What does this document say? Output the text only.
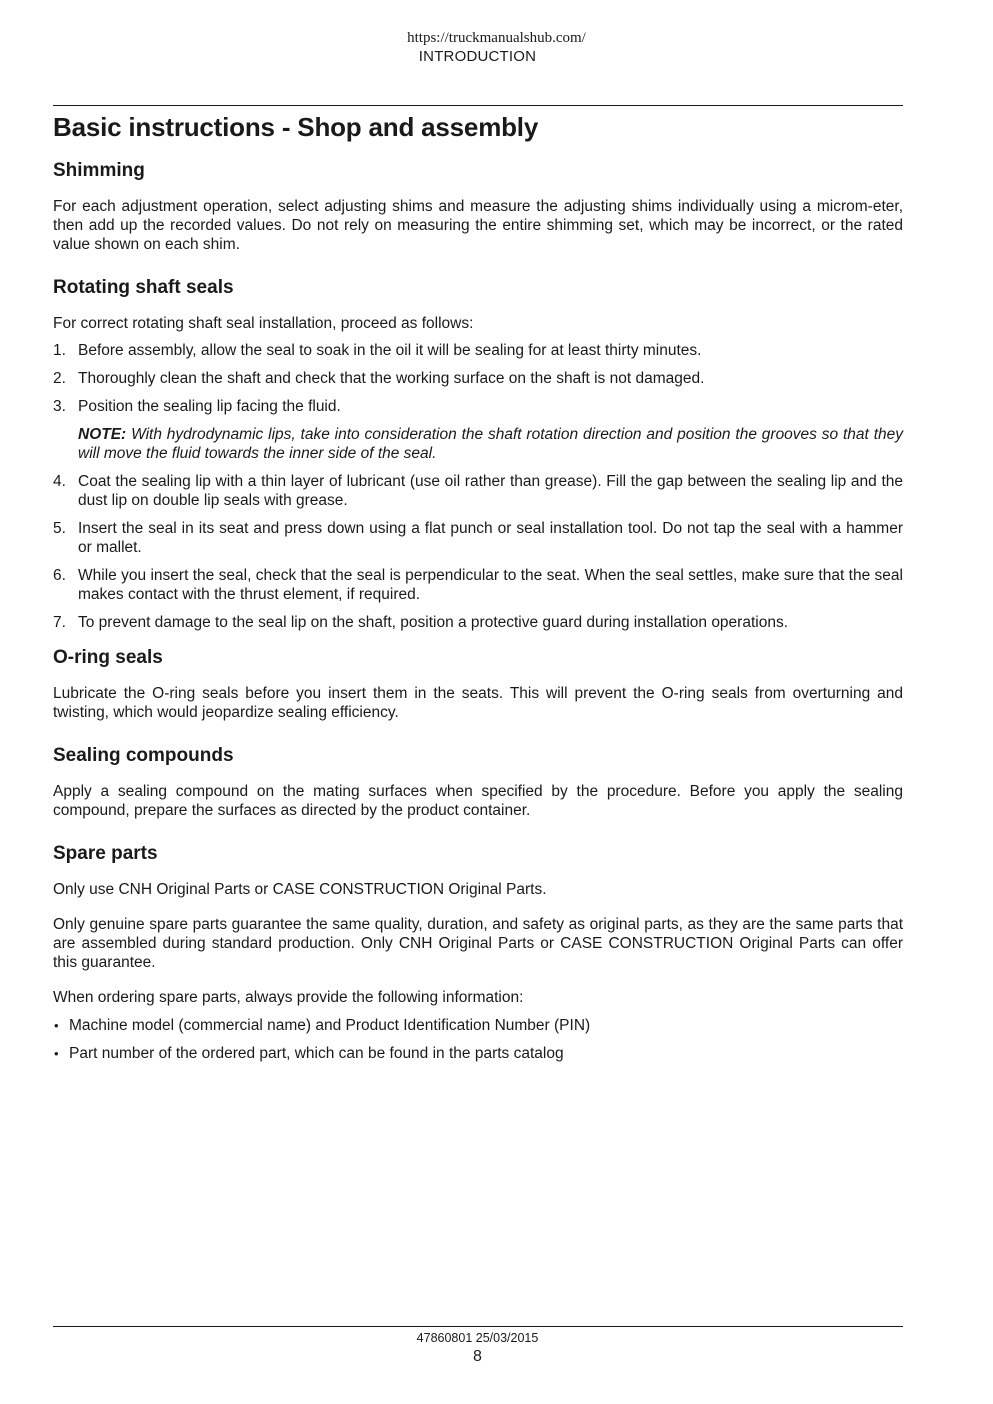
https://truckmanualshub.com/
INTRODUCTION
Basic instructions - Shop and assembly
Shimming

For each adjustment operation, select adjusting shims and measure the adjusting shims individually using a microm-eter, then add up the recorded values. Do not rely on measuring the entire shimming set, which may be incorrect, or the rated value shown on each shim.

Rotating shaft seals

For correct rotating shaft seal installation, proceed as follows:

1. Before assembly, allow the seal to soak in the oil it will be sealing for at least thirty minutes.
2. Thoroughly clean the shaft and check that the working surface on the shaft is not damaged.
3. Position the sealing lip facing the fluid.
NOTE: With hydrodynamic lips, take into consideration the shaft rotation direction and position the grooves so that they will move the fluid towards the inner side of the seal.
4. Coat the sealing lip with a thin layer of lubricant (use oil rather than grease). Fill the gap between the sealing lip and the dust lip on double lip seals with grease.
5. Insert the seal in its seat and press down using a flat punch or seal installation tool. Do not tap the seal with a hammer or mallet.
6. While you insert the seal, check that the seal is perpendicular to the seat. When the seal settles, make sure that the seal makes contact with the thrust element, if required.
7. To prevent damage to the seal lip on the shaft, position a protective guard during installation operations.
O-ring seals

Lubricate the O-ring seals before you insert them in the seats. This will prevent the O-ring seals from overturning and twisting, which would jeopardize sealing efficiency.

Sealing compounds

Apply a sealing compound on the mating surfaces when specified by the procedure. Before you apply the sealing compound, prepare the surfaces as directed by the product container.

Spare parts

Only use CNH Original Parts or CASE CONSTRUCTION Original Parts.

Only genuine spare parts guarantee the same quality, duration, and safety as original parts, as they are the same parts that are assembled during standard production. Only CNH Original Parts or CASE CONSTRUCTION Original Parts can offer this guarantee.

When ordering spare parts, always provide the following information:

• Machine model (commercial name) and Product Identification Number (PIN)
• Part number of the ordered part, which can be found in the parts catalog
47860801 25/03/2015
8
